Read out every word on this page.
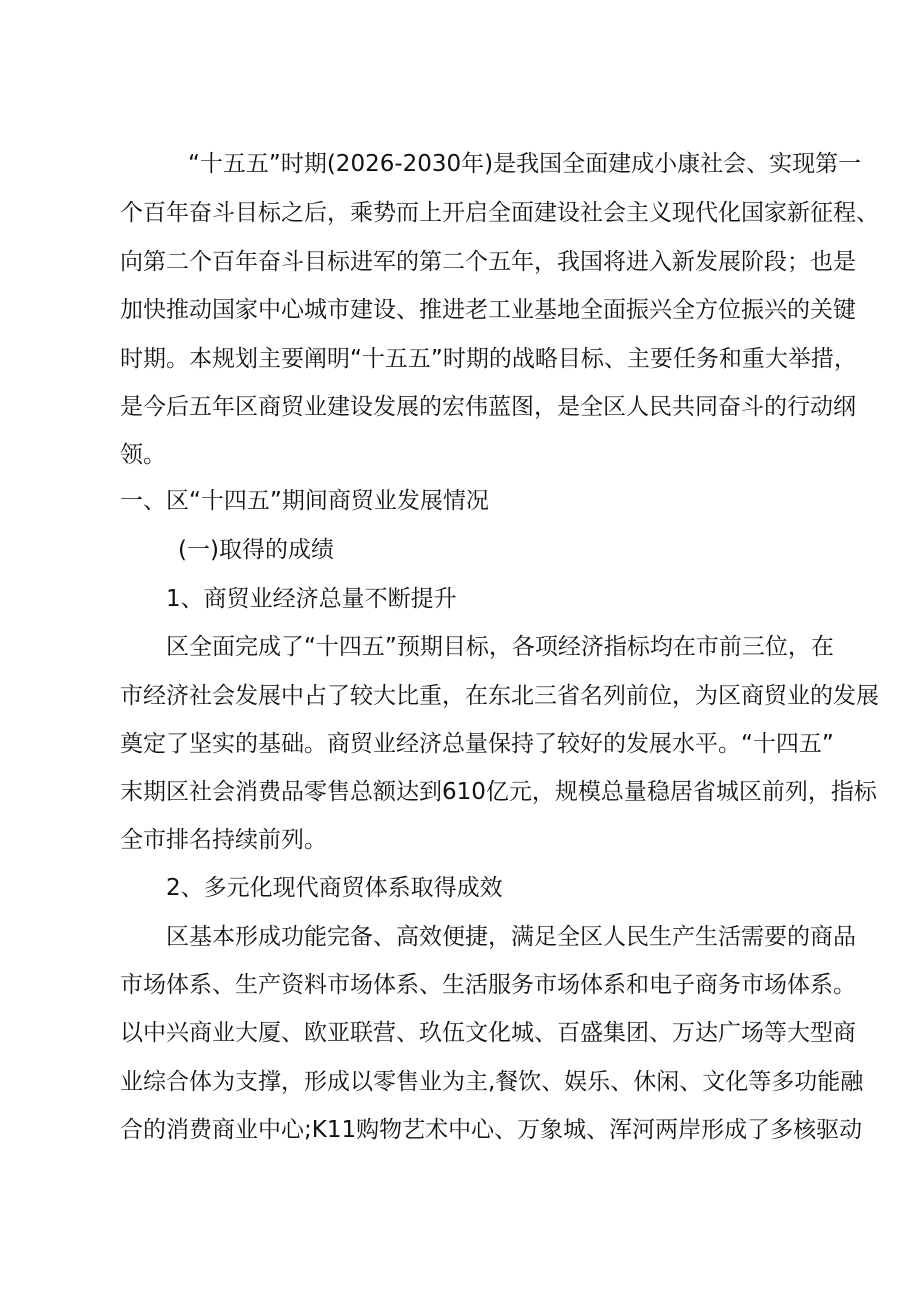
“十五五”时期(2026-2030年)是我国全面建成小康社会、实现第一
个百年奋斗目标之后，乘势而上开启全面建设社会主义现代化国家新征程、
向第二个百年奋斗目标进军的第二个五年，我国将进入新发展阶段；也是
加快推动国家中心城市建设、推进老工业基地全面振兴全方位振兴的关键
时期。本规划主要阐明“十五五”时期的战略目标、主要任务和重大举措，
是今后五年区商贸业建设发展的宏伟蓝图，是全区人民共同奋斗的行动纲
领。
一、区“十四五”期间商贸业发展情况
(一)取得的成绩
1、商贸业经济总量不断提升
区全面完成了“十四五”预期目标，各项经济指标均在市前三位，在
市经济社会发展中占了较大比重，在东北三省名列前位，为区商贸业的发展
奠定了坚实的基础。商贸业经济总量保持了较好的发展水平。“十四五”
末期区社会消费品零售总额达到610亿元，规模总量稳居省城区前列，指标
全市排名持续前列。
2、多元化现代商贸体系取得成效
区基本形成功能完备、高效便捷，满足全区人民生产生活需要的商品
市场体系、生产资料市场体系、生活服务市场体系和电子商务市场体系。
以中兴商业大厦、欧亚联营、玖伍文化城、百盛集团、万达广场等大型商
业综合体为支撑，形成以零售业为主,餐饮、娱乐、休闲、文化等多功能融
合的消费商业中心;K11购物艺术中心、万象城、浑河两岸形成了多核驱动
